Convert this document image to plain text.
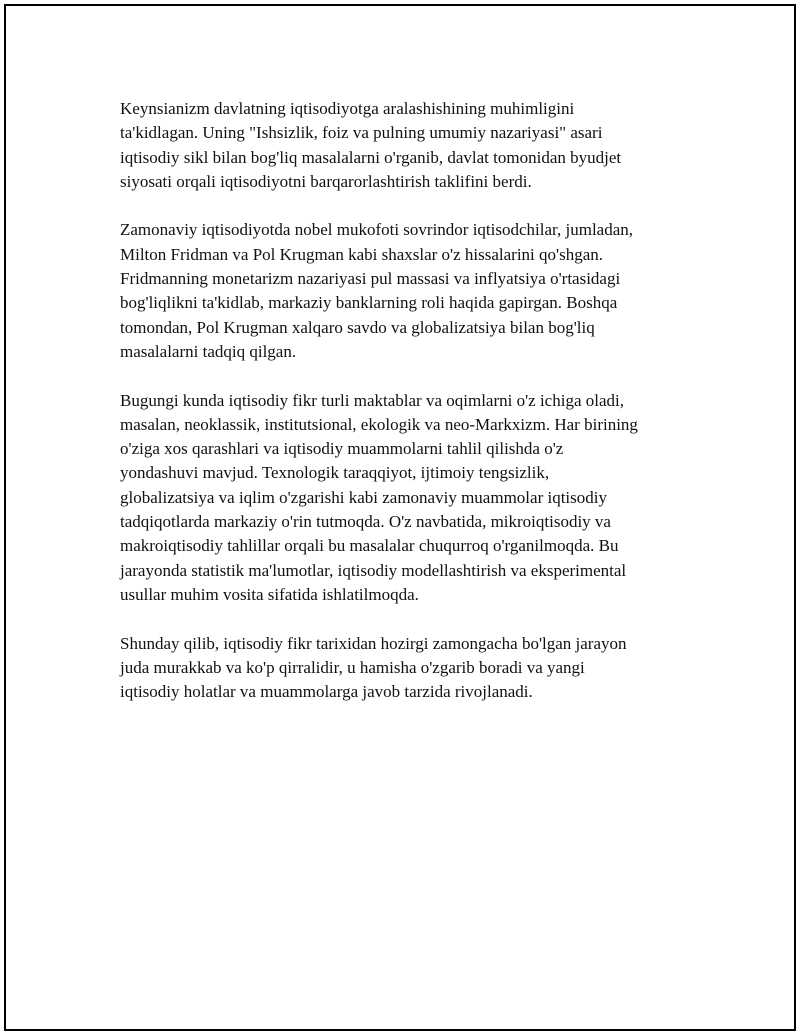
Keynsianizm davlatning iqtisodiyotga aralashishining muhimligini
ta'kidlagan. Uning "Ishsizlik, foiz va pulning umumiy nazariyasi" asari
iqtisodiy sikl bilan bog'liq masalalarni o'rganib, davlat tomonidan byudjet
siyosati orqali iqtisodiyotni barqarorlashtirish taklifini berdi.

Zamonaviy iqtisodiyotda nobel mukofoti sovrindor iqtisodchilar, jumladan,
Milton Fridman va Pol Krugman kabi shaxslar o'z hissalarini qo'shgan.
Fridmanning monetarizm nazariyasi pul massasi va inflyatsiya o'rtasidagi
bog'liqlikni ta'kidlab, markaziy banklarning roli haqida gapirgan. Boshqa
tomondan, Pol Krugman xalqaro savdo va globalizatsiya bilan bog'liq
masalalarni tadqiq qilgan.

Bugungi kunda iqtisodiy fikr turli maktablar va oqimlarni o'z ichiga oladi,
masalan, neoklassik, institutsional, ekologik va neo-Markxizm. Har birining
o'ziga xos qarashlari va iqtisodiy muammolarni tahlil qilishda o'z
yondashuvi mavjud. Texnologik taraqqiyot, ijtimoiy tengsizlik,
globalizatsiya va iqlim o'zgarishi kabi zamonaviy muammolar iqtisodiy
tadqiqotlarda markaziy o'rin tutmoqda. O'z navbatida, mikroiqtisodiy va
makroiqtisodiy tahlillar orqali bu masalalar chuqurroq o'rganilmoqda. Bu
jarayonda statistik ma'lumotlar, iqtisodiy modellashtirish va eksperimental
usullar muhim vosita sifatida ishlatilmoqda.

Shunday qilib, iqtisodiy fikr tarixidan hozirgi zamongacha bo'lgan jarayon
juda murakkab va ko'p qirralidir, u hamisha o'zgarib boradi va yangi
iqtisodiy holatlar va muammolarga javob tarzida rivojlanadi.
